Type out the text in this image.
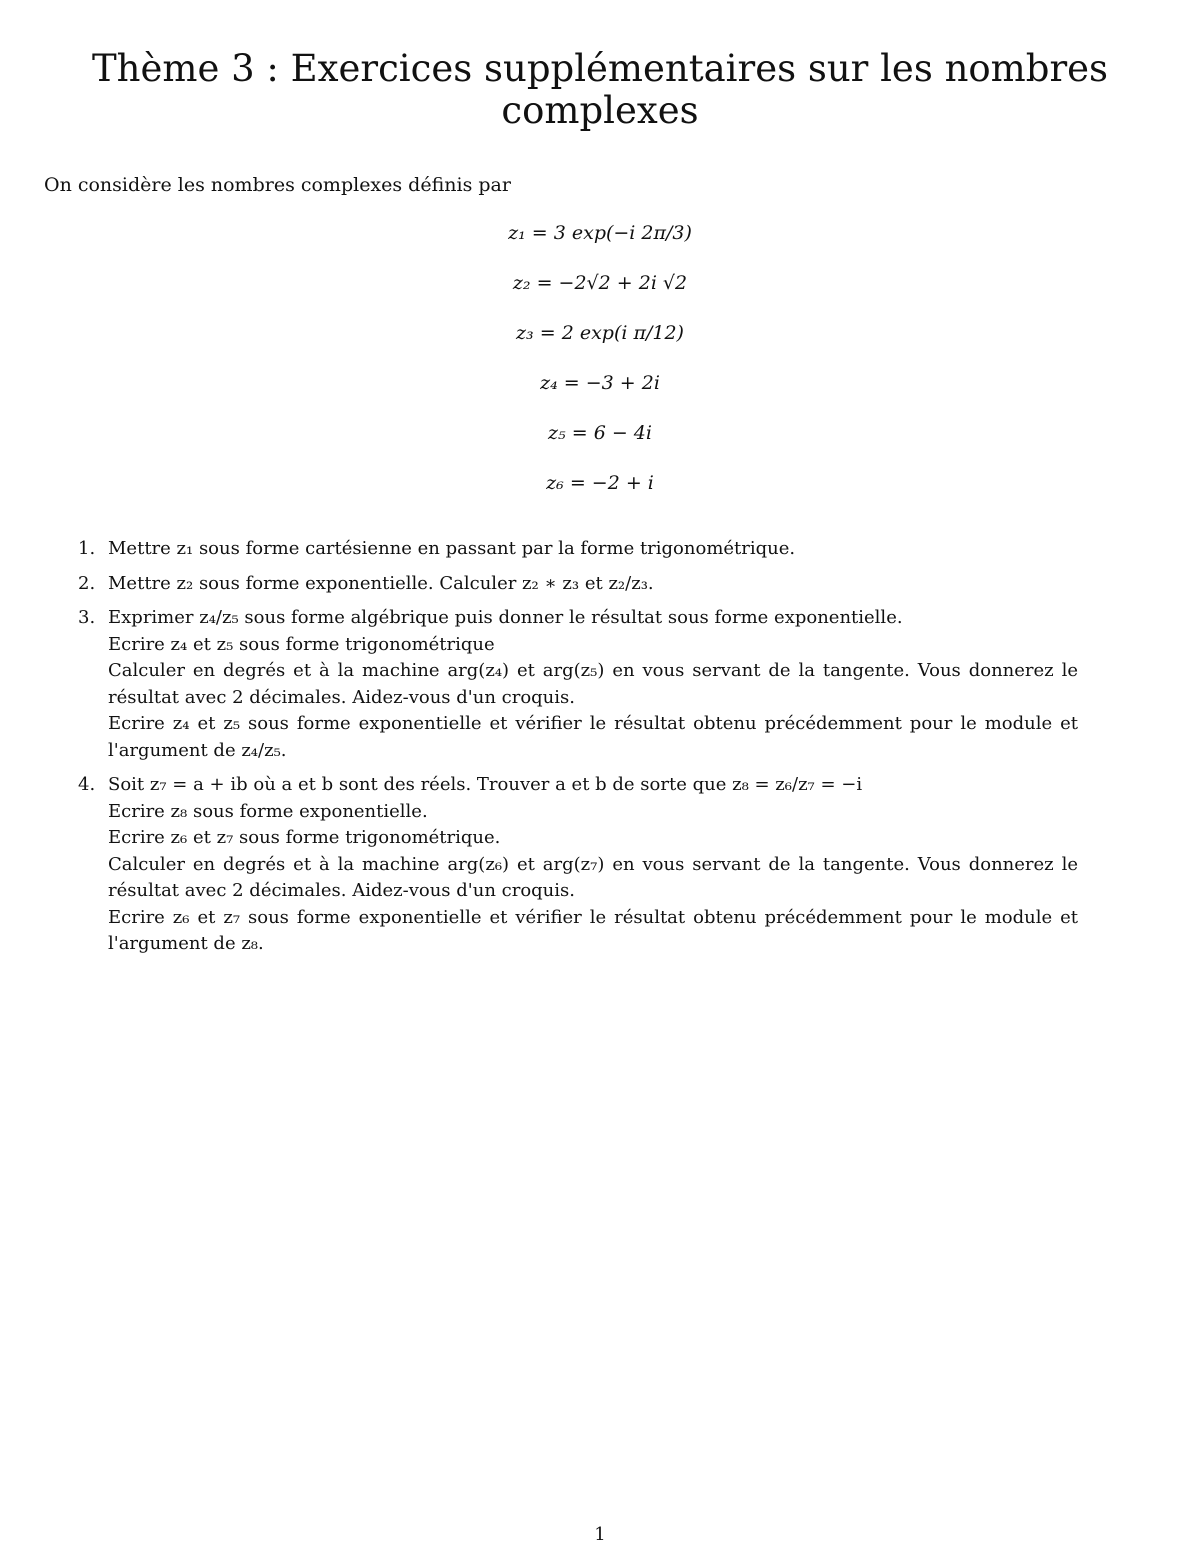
Thème 3 : Exercices supplémentaires sur les nombres
complexes

On considère les nombres complexes définis par

z₁ = 3 exp(−i 2π/3)
z₂ = −2√2 + 2i √2
z₃ = 2 exp(i π/12)
z₄ = −3 + 2i
z₅ = 6 − 4i
z₆ = −2 + i
1. Mettre z₁ sous forme cartésienne en passant par la forme trigonométrique.
2. Mettre z₂ sous forme exponentielle. Calculer z₂ ∗ z₃ et z₂/z₃.
3. Exprimer z₄/z₅ sous forme algébrique puis donner le résultat sous forme exponentielle.
Ecrire z₄ et z₅ sous forme trigonométrique
Calculer en degrés et à la machine arg(z₄) et arg(z₅) en vous servant de la tangente. Vous donnerez le résultat avec 2 décimales. Aidez-vous d'un croquis.
Ecrire z₄ et z₅ sous forme exponentielle et vérifier le résultat obtenu précédemment pour le module et l'argument de z₄/z₅.
4. Soit z₇ = a + ib où a et b sont des réels. Trouver a et b de sorte que z₈ = z₆/z₇ = −i
Ecrire z₈ sous forme exponentielle.
Ecrire z₆ et z₇ sous forme trigonométrique.
Calculer en degrés et à la machine arg(z₆) et arg(z₇) en vous servant de la tangente. Vous donnerez le résultat avec 2 décimales. Aidez-vous d'un croquis.
Ecrire z₆ et z₇ sous forme exponentielle et vérifier le résultat obtenu précédemment pour le module et l'argument de z₈.
1
